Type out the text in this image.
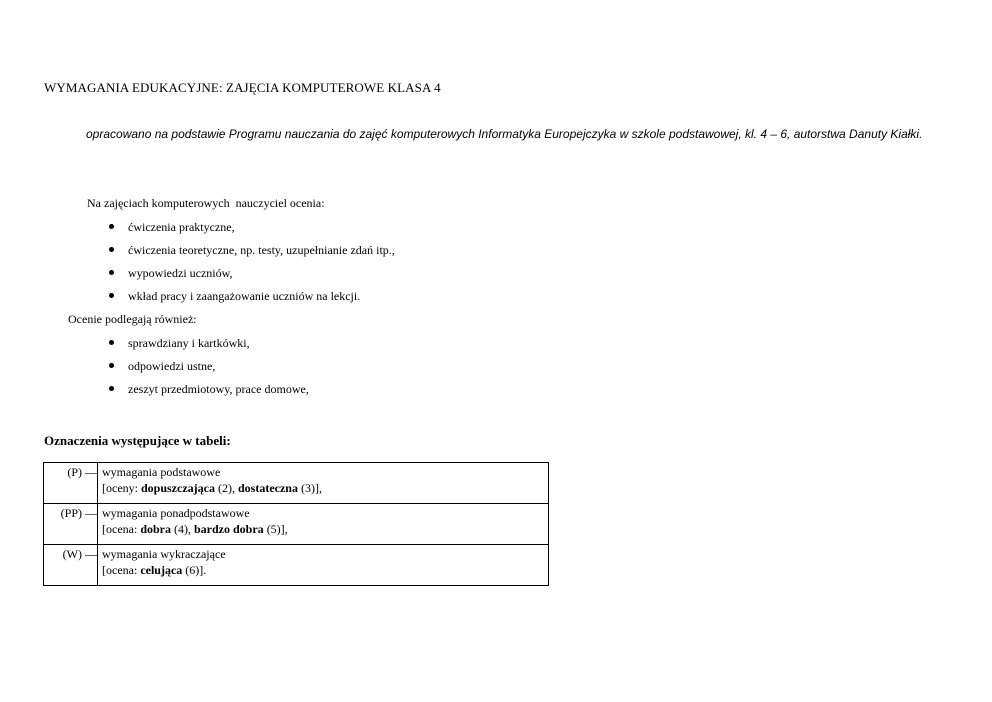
WYMAGANIA EDUKACYJNE: ZAJĘCIA KOMPUTEROWE KLASA 4
opracowano na podstawie Programu nauczania do zajęć komputerowych Informatyka Europejczyka w szkole podstawowej, kl. 4 – 6, autorstwa Danuty Kiałki.
Na zajęciach komputerowych  nauczyciel ocenia:
ćwiczenia praktyczne,
ćwiczenia teoretyczne, np. testy, uzupełnianie zdań itp.,
wypowiedzi uczniów,
wkład pracy i zaangażowanie uczniów na lekcji.
Ocenie podlegają również:
sprawdziany i kartkówki,
odpowiedzi ustne,
zeszyt przedmiotowy, prace domowe,
Oznaczenia występujące w tabeli:
(P) —	wymagania podstawowe
[oceny: dopuszczająca (2), dostateczna (3)],

(PP) —	wymagania ponadpodstawowe
[ocena: dobra (4), bardzo dobra (5)],

(W) —	wymagania wykraczające
[ocena: celująca (6)].
